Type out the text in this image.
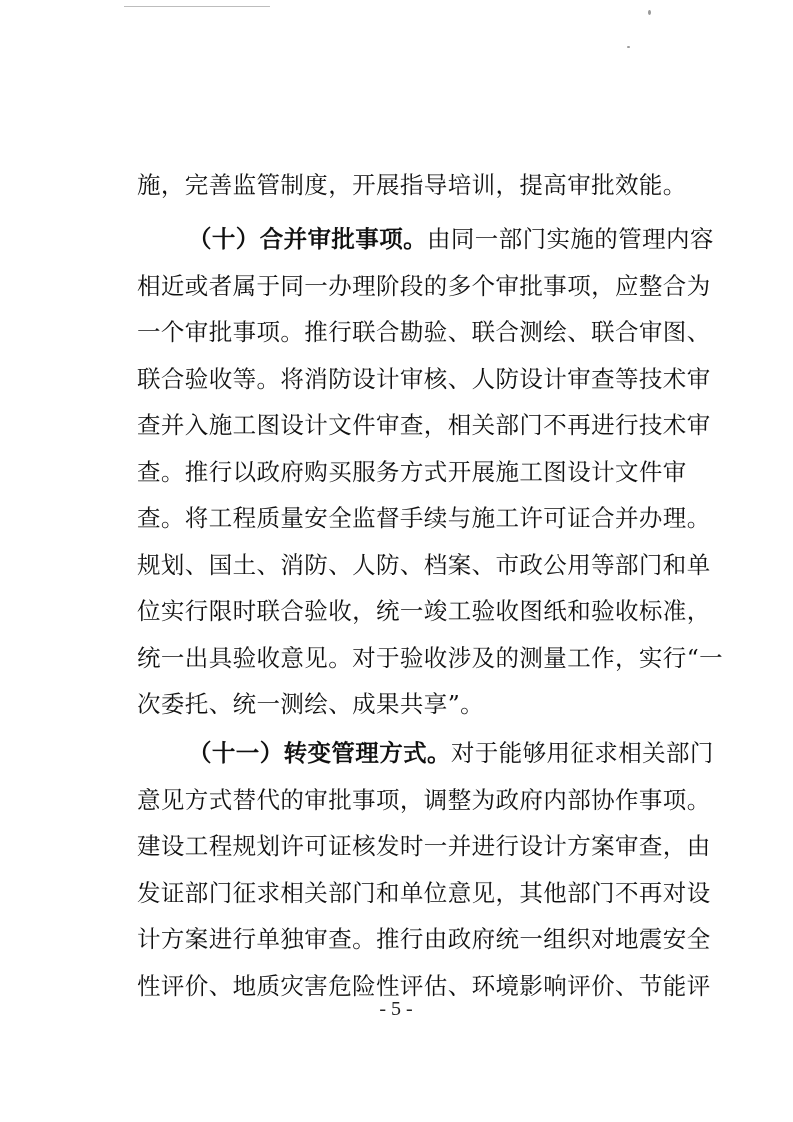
施，完善监管制度，开展指导培训，提高审批效能。
（十）合并审批事项。由同一部门实施的管理内容
相近或者属于同一办理阶段的多个审批事项，应整合为
一个审批事项。推行联合勘验、联合测绘、联合审图、
联合验收等。将消防设计审核、人防设计审查等技术审
查并入施工图设计文件审查，相关部门不再进行技术审
查。推行以政府购买服务方式开展施工图设计文件审
查。将工程质量安全监督手续与施工许可证合并办理。
规划、国土、消防、人防、档案、市政公用等部门和单
位实行限时联合验收，统一竣工验收图纸和验收标准，
统一出具验收意见。对于验收涉及的测量工作，实行“一
次委托、统一测绘、成果共享”。
（十一）转变管理方式。对于能够用征求相关部门
意见方式替代的审批事项，调整为政府内部协作事项。
建设工程规划许可证核发时一并进行设计方案审查，由
发证部门征求相关部门和单位意见，其他部门不再对设
计方案进行单独审查。推行由政府统一组织对地震安全
性评价、地质灾害危险性评估、环境影响评价、节能评
- 5 -
